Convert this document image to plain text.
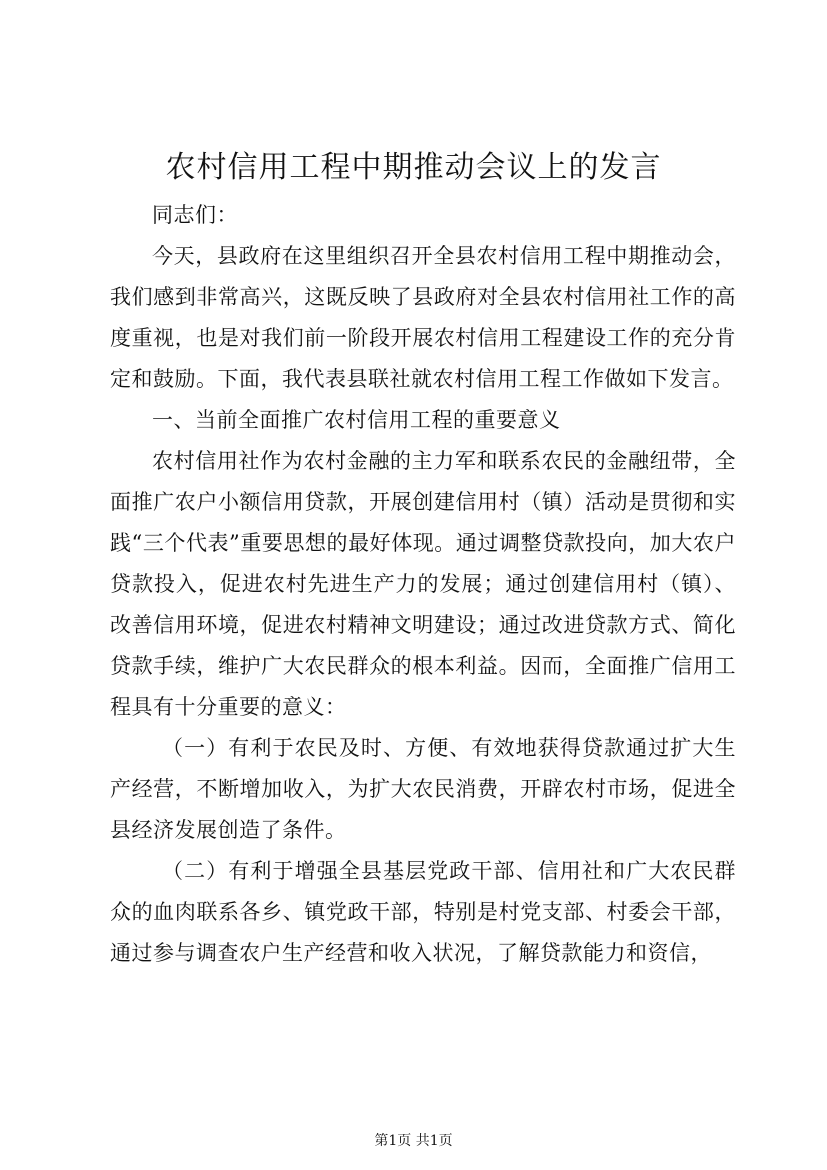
农村信用工程中期推动会议上的发言

同志们：

今天，县政府在这里组织召开全县农村信用工程中期推动会，我们感到非常高兴，这既反映了县政府对全县农村信用社工作的高度重视，也是对我们前一阶段开展农村信用工程建设工作的充分肯定和鼓励。下面，我代表县联社就农村信用工程工作做如下发言。

一、当前全面推广农村信用工程的重要意义

农村信用社作为农村金融的主力军和联系农民的金融纽带，全面推广农户小额信用贷款，开展创建信用村（镇）活动是贯彻和实践“三个代表”重要思想的最好体现。通过调整贷款投向，加大农户贷款投入，促进农村先进生产力的发展；通过创建信用村（镇）、改善信用环境，促进农村精神文明建设；通过改进贷款方式、简化贷款手续，维护广大农民群众的根本利益。因而，全面推广信用工程具有十分重要的意义：

（一）有利于农民及时、方便、有效地获得贷款通过扩大生产经营，不断增加收入，为扩大农民消费，开辟农村市场，促进全县经济发展创造了条件。

（二）有利于增强全县基层党政干部、信用社和广大农民群众的血肉联系各乡、镇党政干部，特别是村党支部、村委会干部，通过参与调查农户生产经营和收入状况，了解贷款能力和资信，

第1页 共1页
